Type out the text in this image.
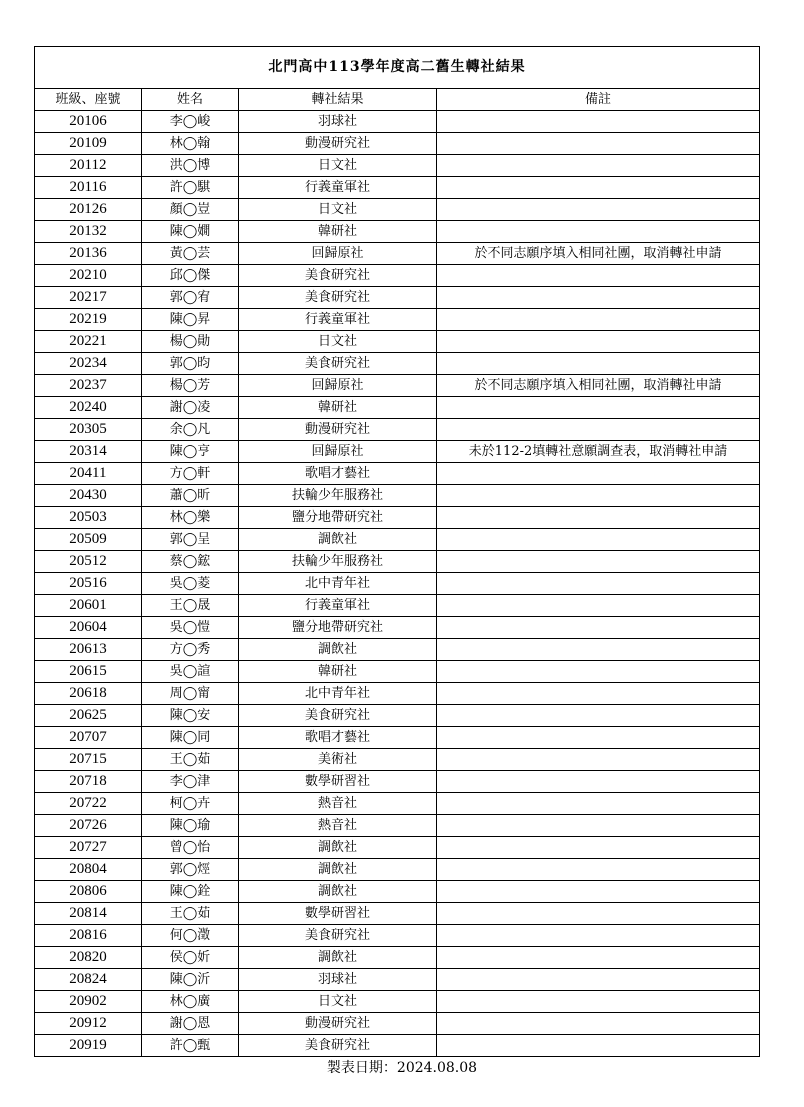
北門高中113學年度高二舊生轉社結果			
班級、座號	姓名	轉社結果	備註
20106	李◯峻	羽球社	
20109	林◯翰	動漫研究社	
20112	洪◯博	日文社	
20116	許◯騏	行義童軍社	
20126	顏◯豈	日文社	
20132	陳◯嫺	韓研社	
20136	黃◯芸	回歸原社	於不同志願序填入相同社團，取消轉社申請
20210	邱◯傑	美食研究社	
20217	郭◯宥	美食研究社	
20219	陳◯昇	行義童軍社	
20221	楊◯勛	日文社	
20234	郭◯昀	美食研究社	
20237	楊◯芳	回歸原社	於不同志願序填入相同社團，取消轉社申請
20240	謝◯凌	韓研社	
20305	余◯凡	動漫研究社	
20314	陳◯亨	回歸原社	未於112-2填轉社意願調查表，取消轉社申請
20411	方◯軒	歌唱才藝社	
20430	蕭◯昕	扶輪少年服務社	
20503	林◯樂	鹽分地帶研究社	
20509	郭◯呈	調飲社	
20512	蔡◯鋐	扶輪少年服務社	
20516	吳◯菱	北中青年社	
20601	王◯晟	行義童軍社	
20604	吳◯愷	鹽分地帶研究社	
20613	方◯秀	調飲社	
20615	吳◯諠	韓研社	
20618	周◯甯	北中青年社	
20625	陳◯安	美食研究社	
20707	陳◯同	歌唱才藝社	
20715	王◯茹	美術社	
20718	李◯津	數學研習社	
20722	柯◯卉	熱音社	
20726	陳◯瑜	熱音社	
20727	曾◯怡	調飲社	
20804	郭◯烴	調飲社	
20806	陳◯銓	調飲社	
20814	王◯茹	數學研習社	
20816	何◯澂	美食研究社	
20820	侯◯妡	調飲社	
20824	陳◯沂	羽球社	
20902	林◯廣	日文社	
20912	謝◯恩	動漫研究社	
20919	許◯甄	美食研究社	
製表日期：2024.08.08
